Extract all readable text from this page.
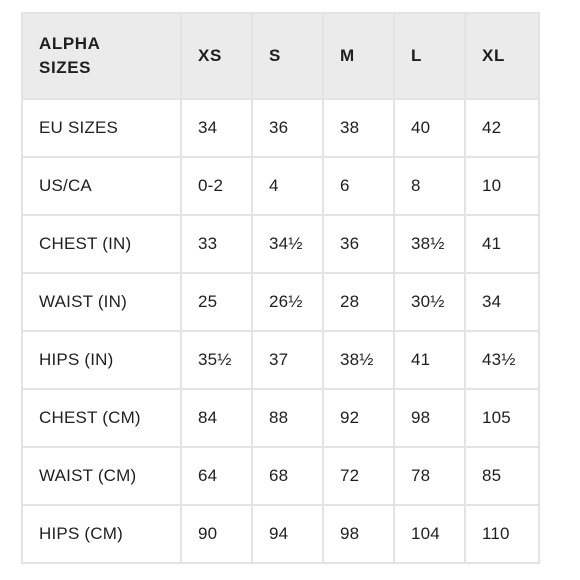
ALPHA
SIZES	XS	S	M	L	XL
EU SIZES	34	36	38	40	42
US/CA	0-2	4	6	8	10
CHEST (IN)	33	34½	36	38½	41
WAIST (IN)	25	26½	28	30½	34
HIPS (IN)	35½	37	38½	41	43½
CHEST (CM)	84	88	92	98	105
WAIST (CM)	64	68	72	78	85
HIPS (CM)	90	94	98	104	110
